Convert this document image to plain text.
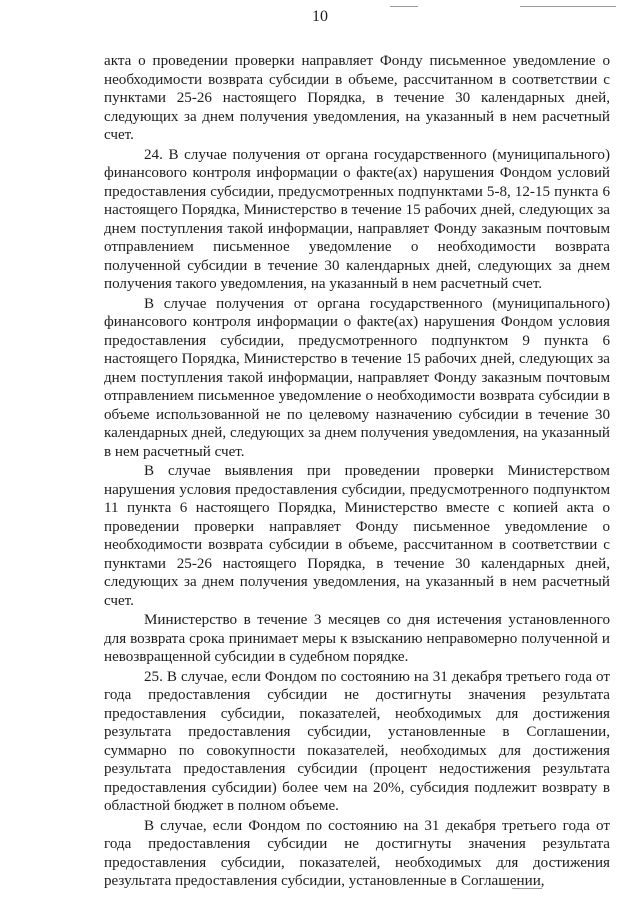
10

акта о проведении проверки направляет Фонду письменное уведомление о необходимости возврата субсидии в объеме, рассчитанном в соответствии с пунктами 25-26 настоящего Порядка, в течение 30 календарных дней, следующих за днем получения уведомления, на указанный в нем расчетный счет.

24. В случае получения от органа государственного (муниципального) финансового контроля информации о факте(ах) нарушения Фондом условий предоставления субсидии, предусмотренных подпунктами 5-8, 12-15 пункта 6 настоящего Порядка, Министерство в течение 15 рабочих дней, следующих за днем поступления такой информации, направляет Фонду заказным почтовым отправлением письменное уведомление о необходимости возврата полученной субсидии в течение 30 календарных дней, следующих за днем получения такого уведомления, на указанный в нем расчетный счет.

В случае получения от органа государственного (муниципального) финансового контроля информации о факте(ах) нарушения Фондом условия предоставления субсидии, предусмотренного подпунктом 9 пункта 6 настоящего Порядка, Министерство в течение 15 рабочих дней, следующих за днем поступления такой информации, направляет Фонду заказным почтовым отправлением письменное уведомление о необходимости возврата субсидии в объеме использованной не по целевому назначению субсидии в течение 30 календарных дней, следующих за днем получения уведомления, на указанный в нем расчетный счет.

В случае выявления при проведении проверки Министерством нарушения условия предоставления субсидии, предусмотренного подпунктом 11 пункта 6 настоящего Порядка, Министерство вместе с копией акта о проведении проверки направляет Фонду письменное уведомление о необходимости возврата субсидии в объеме, рассчитанном в соответствии с пунктами 25-26 настоящего Порядка, в течение 30 календарных дней, следующих за днем получения уведомления, на указанный в нем расчетный счет.

Министерство в течение 3 месяцев со дня истечения установленного для возврата срока принимает меры к взысканию неправомерно полученной и невозвращенной субсидии в судебном порядке.

25. В случае, если Фондом по состоянию на 31 декабря третьего года от года предоставления субсидии не достигнуты значения результата предоставления субсидии, показателей, необходимых для достижения результата предоставления субсидии, установленные в Соглашении, суммарно по совокупности показателей, необходимых для достижения результата предоставления субсидии (процент недостижения результата предоставления субсидии) более чем на 20%, субсидия подлежит возврату в областной бюджет в полном объеме.

В случае, если Фондом по состоянию на 31 декабря третьего года от года предоставления субсидии не достигнуты значения результата предоставления субсидии, показателей, необходимых для достижения результата предоставления субсидии, установленные в Соглашении,
